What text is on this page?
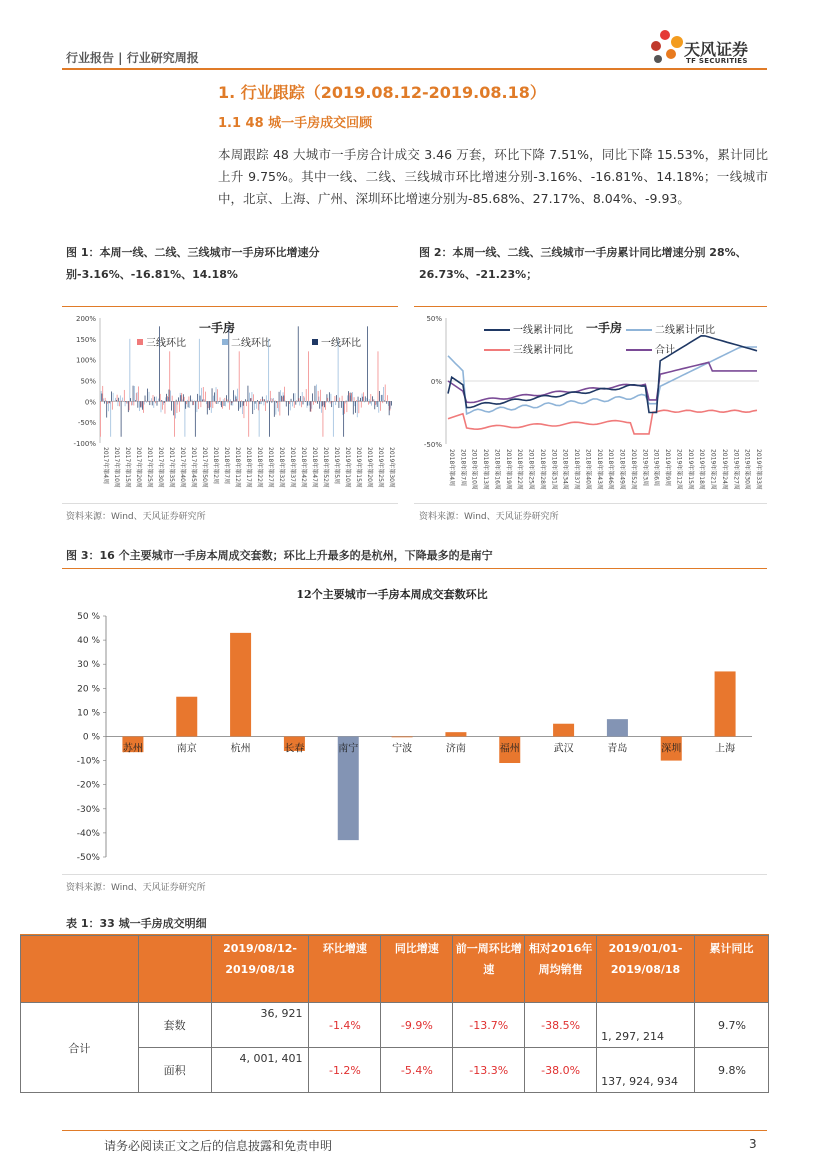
行业报告 | 行业研究周报	天风证券
TF SECURITIES
1. 行业跟踪（2019.08.12-2019.08.18）
1.1 48 城一手房成交回顾
本周跟踪 48 大城市一手房合计成交 3.46 万套，环比下降 7.51%，同比下降 15.53%，累计同比上升 9.75%。其中一线、二线、三线城市环比增速分别-3.16%、-16.81%、14.18%；一线城市中，北京、上海、广州、深圳环比增速分别为-85.68%、27.17%、8.04%、-9.93。
图 1：本周一线、二线、三线城市一手房环比增速分别-3.16%、-16.81%、14.18%
一手房
200%
150%
100%
50%
0%
-50%
-100%
三线环比	二线环比	一线环比
2017年第4周 2017年第10周 2017年第15周 2017年第20周 2017年第25周 2017年第30周 2017年第35周 2017年第40周 2017年第45周 2017年第50周 2018年第2周 2018年第7周 2018年第12周 2018年第17周 2018年第22周 2018年第27周 2018年第32周 2018年第37周 2018年第42周 2018年第47周 2018年第52周 2019年第5周 2019年第10周 2019年第15周 2019年第20周 2019年第25周 2019年第30周
资料来源：Wind、天风证券研究所
图 2：本周一线、二线、三线城市一手房累计同比增速分别 28%、26.73%、-21.23%；
50%
0%
-50%
一手房
一线累计同比	二线累计同比
三线累计同比	合计
2018年第4周 2018年第7周 2018年第10周 2018年第13周 2018年第16周 2018年第19周 2018年第22周 2018年第25周 2018年第28周 2018年第31周 2018年第34周 2018年第37周 2018年第40周 2018年第43周 2018年第46周 2018年第49周 2018年第52周 2019年第3周 2019年第6周 2019年第9周 2019年第12周 2019年第15周 2019年第18周 2019年第21周 2019年第24周 2019年第27周 2019年第30周 2019年第33周
资料来源：Wind、天风证券研究所
图 3：16 个主要城市一手房本周成交套数；环比上升最多的是杭州，下降最多的是南宁
12个主要城市一手房本周成交套数环比
50 %
40 %
30 %
20 %
10 %
0 %
-10%
-20%
-30%
-40%
-50%
苏州	南京	杭州	长春	南宁	宁波	济南	福州	武汉	青岛	深圳	上海
资料来源：Wind、天风证券研究所
表 1：33 城一手房成交明细
		2019/08/12-2019/08/18	环比增速	同比增速	前一周环比增速	相对2016年周均销售	2019/01/01-2019/08/18	累计同比
合计	套数	36, 921	-1.4%	-9.9%	-13.7%	-38.5%	1, 297, 214	9.7%
	面积	4, 001, 401	-1.2%	-5.4%	-13.3%	-38.0%	137, 924, 934	9.8%
请务必阅读正文之后的信息披露和免责申明	3
